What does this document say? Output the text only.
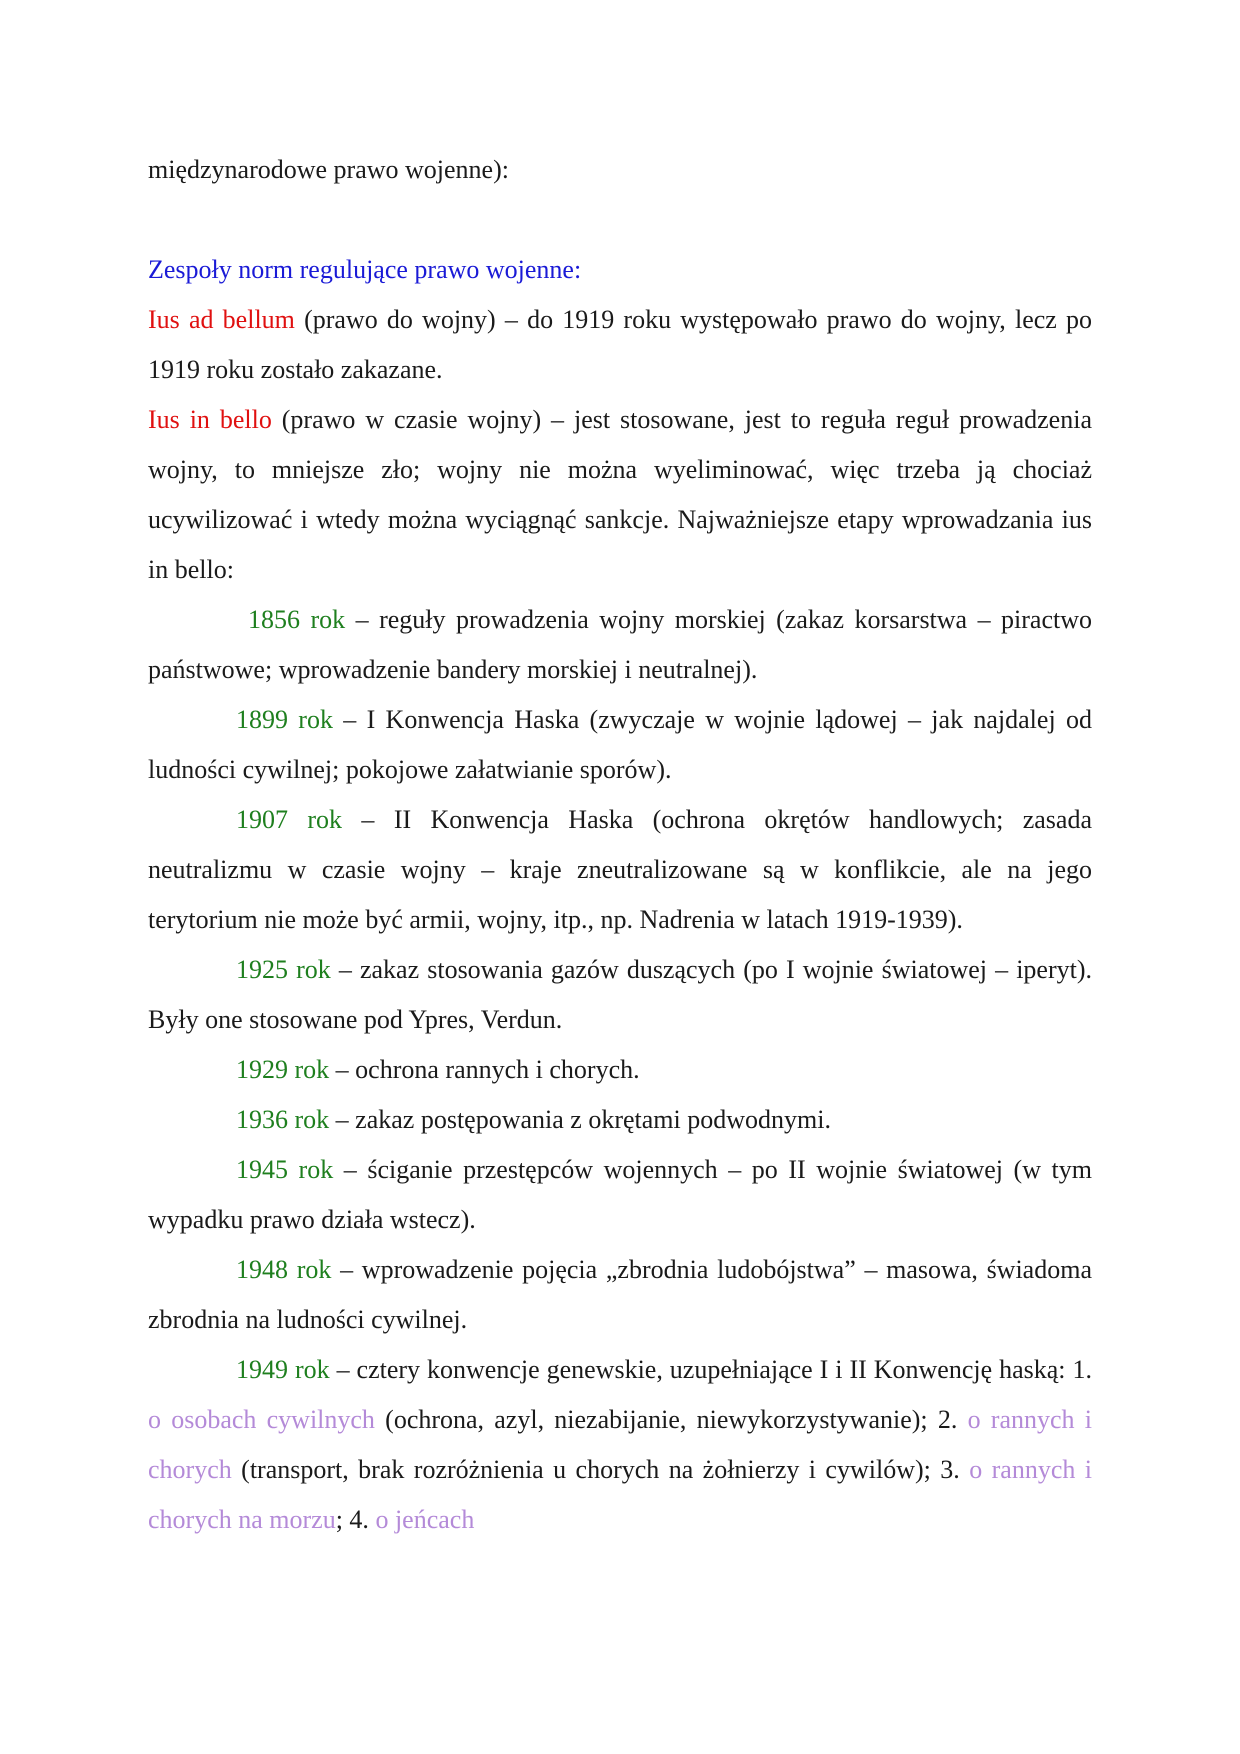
międzynarodowe prawo wojenne):

Zespoły norm regulujące prawo wojenne:

Ius ad bellum (prawo do wojny) – do 1919 roku występowało prawo do wojny, lecz po 1919 roku zostało zakazane.

Ius in bello (prawo w czasie wojny) – jest stosowane, jest to reguła reguł prowadzenia wojny, to mniejsze zło; wojny nie można wyeliminować, więc trzeba ją chociaż ucywilizować i wtedy można wyciągnąć sankcje. Najważniejsze etapy wprowadzania ius in bello:

1856 rok – reguły prowadzenia wojny morskiej (zakaz korsarstwa – piractwo państwowe; wprowadzenie bandery morskiej i neutralnej).

1899 rok – I Konwencja Haska (zwyczaje w wojnie lądowej – jak najdalej od ludności cywilnej; pokojowe załatwianie sporów).

1907 rok – II Konwencja Haska (ochrona okrętów handlowych; zasada neutralizmu w czasie wojny – kraje zneutralizowane są w konflikcie, ale na jego terytorium nie może być armii, wojny, itp., np. Nadrenia w latach 1919-1939).

1925 rok – zakaz stosowania gazów duszących (po I wojnie światowej – iperyt). Były one stosowane pod Ypres, Verdun.

1929 rok – ochrona rannych i chorych.

1936 rok – zakaz postępowania z okrętami podwodnymi.

1945 rok – ściganie przestępców wojennych – po II wojnie światowej (w tym wypadku prawo działa wstecz).

1948 rok – wprowadzenie pojęcia „zbrodnia ludobójstwa” – masowa, świadoma zbrodnia na ludności cywilnej.

1949 rok – cztery konwencje genewskie, uzupełniające I i II Konwencję haską: 1. o osobach cywilnych (ochrona, azyl, niezabijanie, niewykorzystywanie); 2. o rannych i chorych (transport, brak rozróżnienia u chorych na żołnierzy i cywilów); 3. o rannych i chorych na morzu; 4. o jeńcach
